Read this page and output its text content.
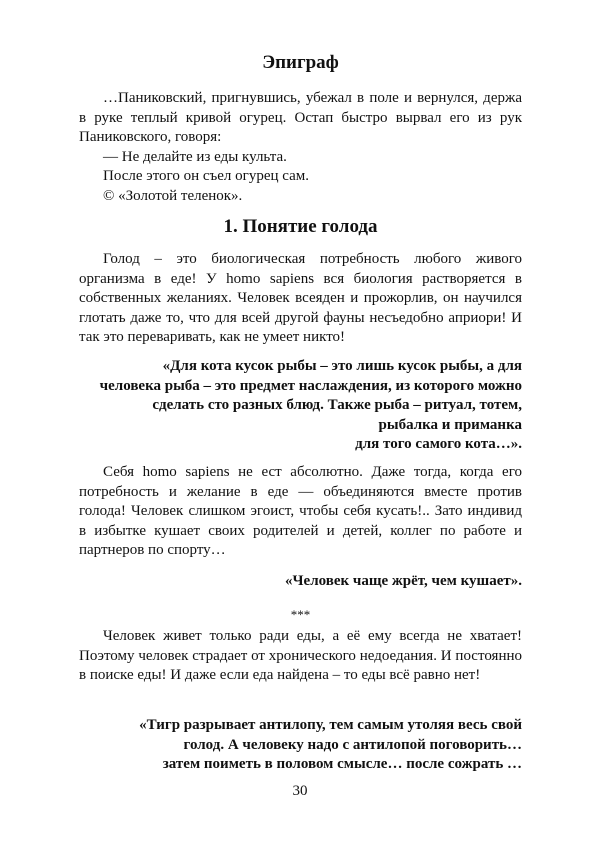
Эпиграф

…Паниковский, пригнувшись, убежал в поле и вернулся, держа в руке теплый кривой огурец. Остап быстро вырвал его из рук Паниковского, говоря:

— Не делайте из еды культа.

После этого он съел огурец сам.

© «Золотой теленок».

1. Понятие голода

Голод – это биологическая потребность любого живого организма в еде! У homo sapiens вся биология растворяется в собственных желаниях. Человек всеяден и прожорлив, он научился глотать даже то, что для всей другой фауны несъедобно априори! И так это переваривать, как не умеет никто!

«Для кота кусок рыбы – это лишь кусок рыбы, а для

человека рыба – это предмет наслаждения, из которого можно

сделать сто разных блюд. Также рыба – ритуал, тотем,

рыбалка и приманка

для того самого кота…».

Себя homo sapiens не ест абсолютно. Даже тогда, когда его потребность и желание в еде — объединяются вместе против голода! Человек слишком эгоист, чтобы себя кусать!.. Зато индивид в избытке кушает своих родителей и детей, коллег по работе и партнеров по спорту…

«Человек чаще жрёт, чем кушает».

***

Человек живет только ради еды, а её ему всегда не хватает! Поэтому человек страдает от хронического недоедания. И постоянно в поиске еды! И даже если еда найдена – то еды всё равно нет!

«Тигр разрывает антилопу, тем самым утоляя весь свой

голод. А человеку надо с антилопой поговорить…

затем поиметь в половом смысле… после сожрать …

30
